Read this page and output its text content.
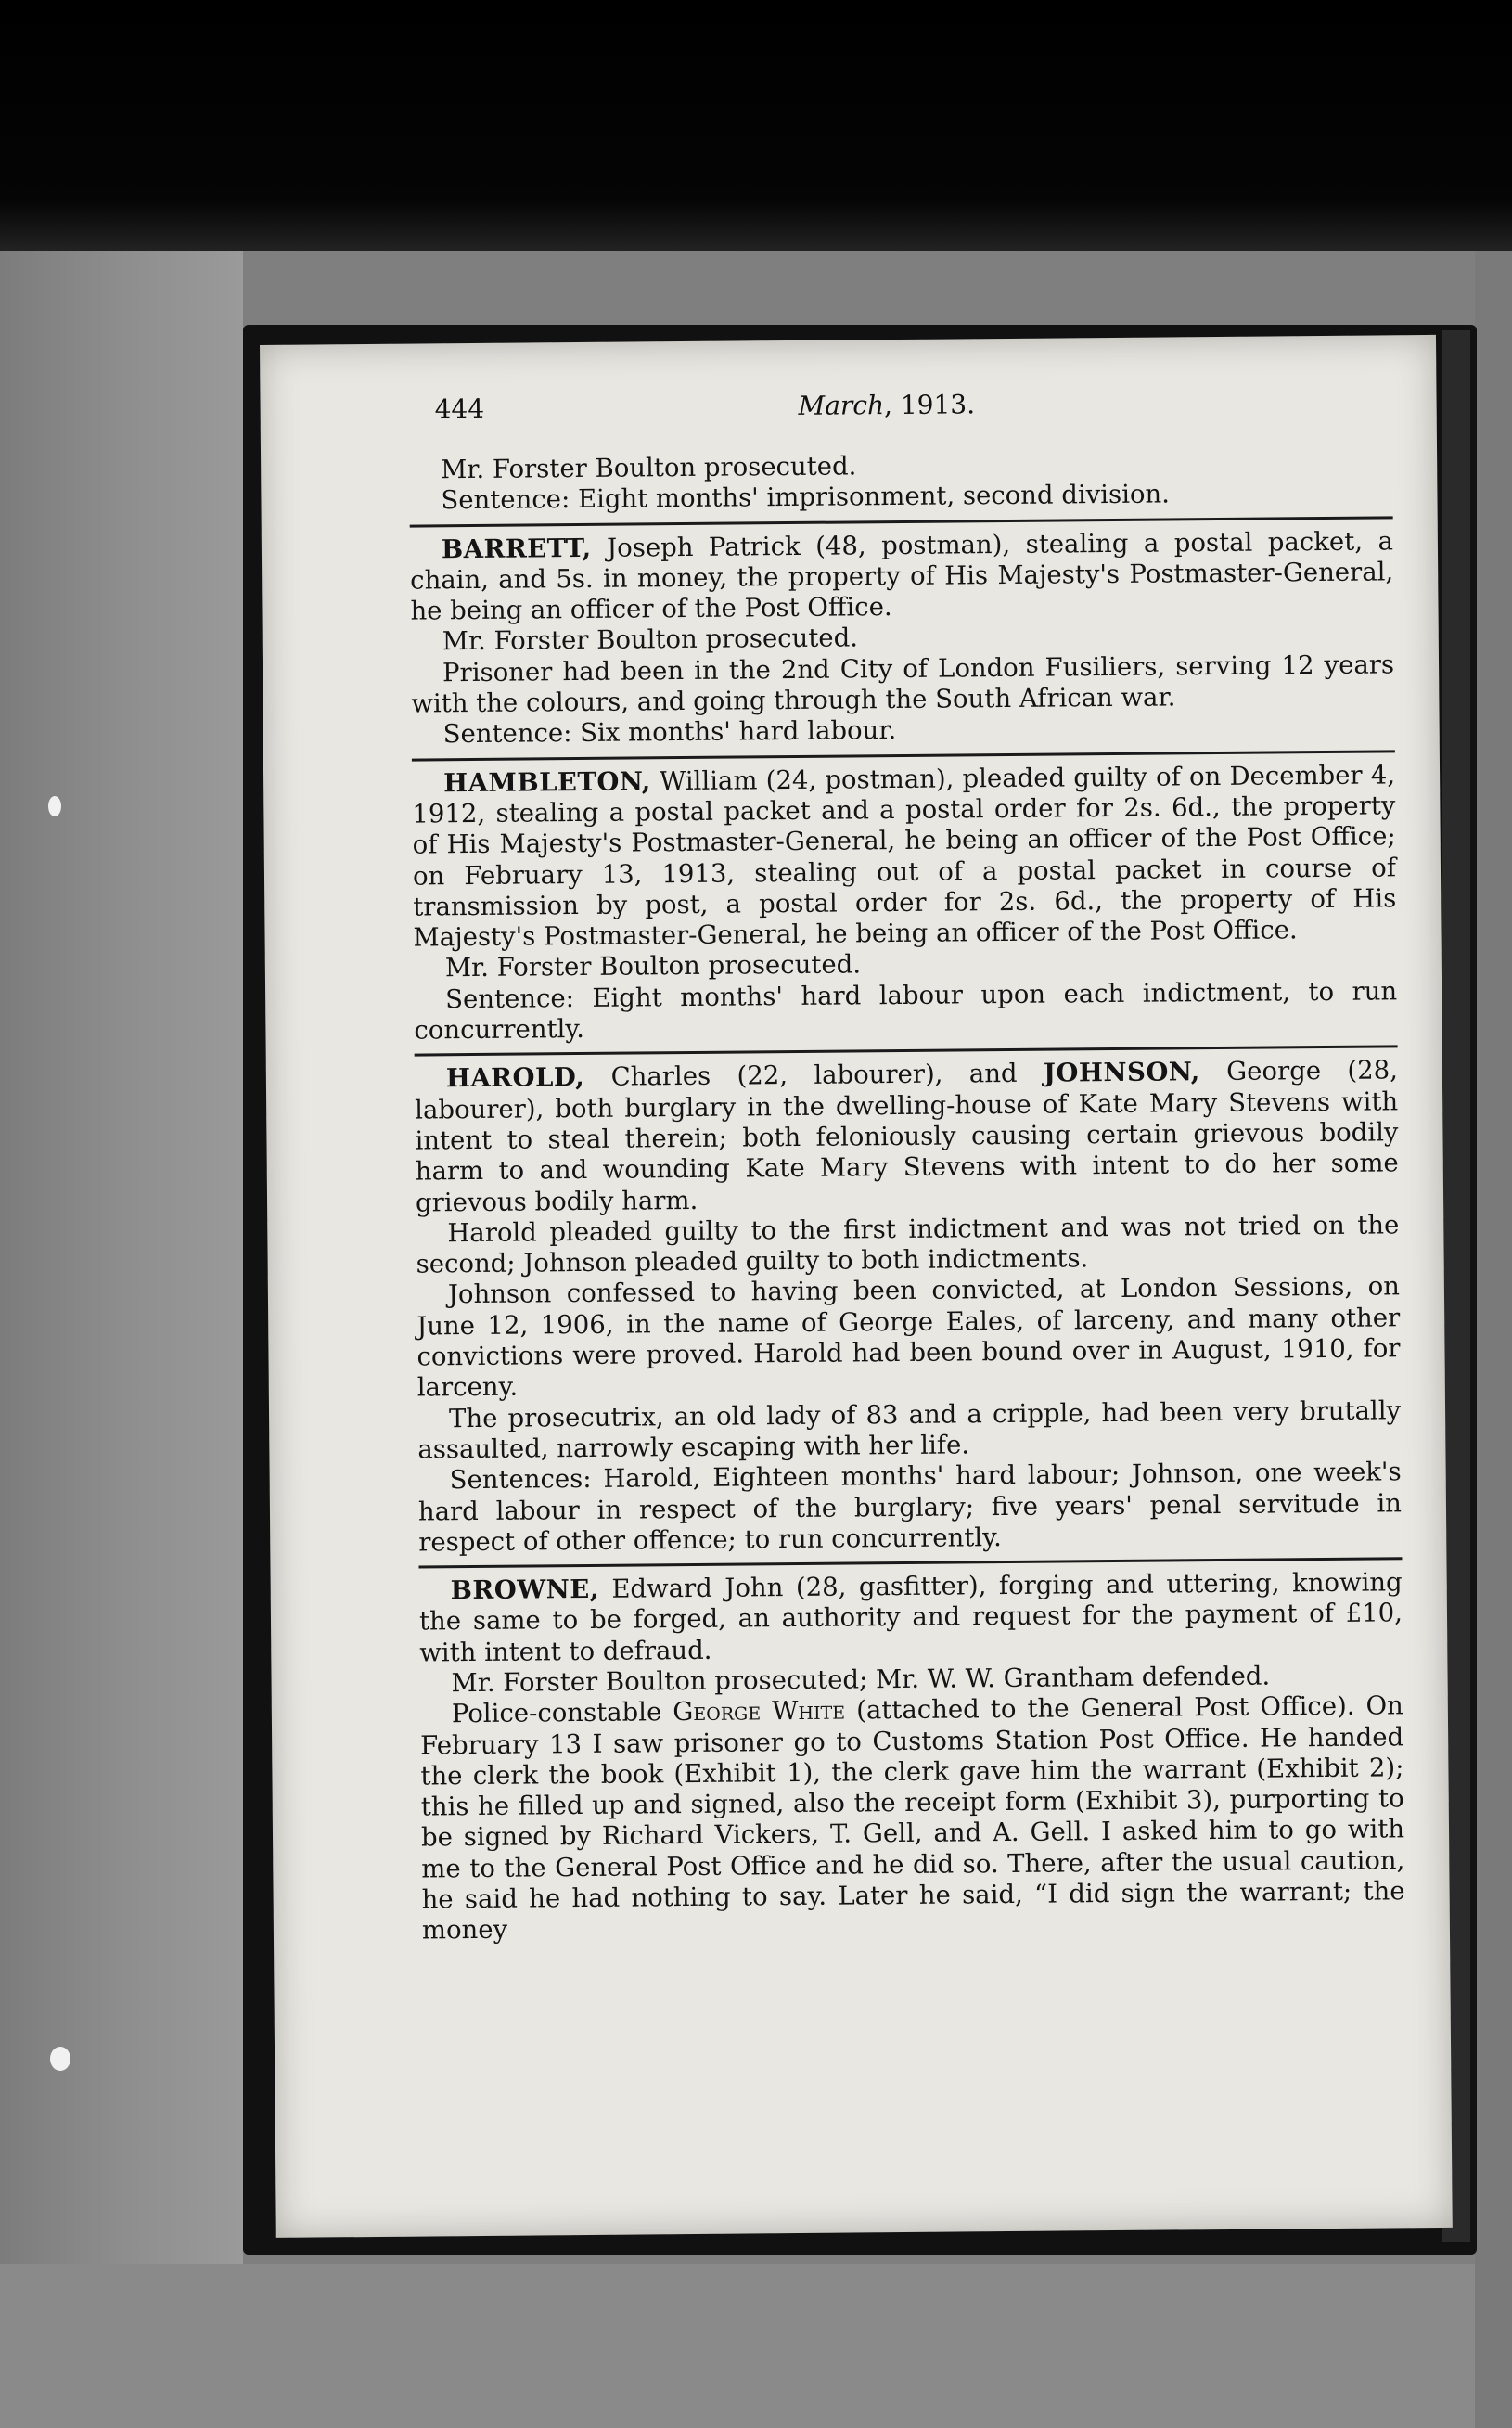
444	March, 1913.

Mr. Forster Boulton prosecuted.

Sentence: Eight months' imprisonment, second division.

BARRETT, Joseph Patrick (48, postman), stealing a postal packet, a chain, and 5s. in money, the property of His Majesty's Postmaster-General, he being an officer of the Post Office.

Mr. Forster Boulton prosecuted.

Prisoner had been in the 2nd City of London Fusiliers, serving 12 years with the colours, and going through the South African war.

Sentence: Six months' hard labour.

HAMBLETON, William (24, postman), pleaded guilty of on December 4, 1912, stealing a postal packet and a postal order for 2s. 6d., the property of His Majesty's Postmaster-General, he being an officer of the Post Office; on February 13, 1913, stealing out of a postal packet in course of transmission by post, a postal order for 2s. 6d., the property of His Majesty's Postmaster-General, he being an officer of the Post Office.

Mr. Forster Boulton prosecuted.

Sentence: Eight months' hard labour upon each indictment, to run concurrently.

HAROLD, Charles (22, labourer), and JOHNSON, George (28, labourer), both burglary in the dwelling-house of Kate Mary Stevens with intent to steal therein; both feloniously causing certain grievous bodily harm to and wounding Kate Mary Stevens with intent to do her some grievous bodily harm.

Harold pleaded guilty to the first indictment and was not tried on the second; Johnson pleaded guilty to both indictments.

Johnson confessed to having been convicted, at London Sessions, on June 12, 1906, in the name of George Eales, of larceny, and many other convictions were proved. Harold had been bound over in August, 1910, for larceny.

The prosecutrix, an old lady of 83 and a cripple, had been very brutally assaulted, narrowly escaping with her life.

Sentences: Harold, Eighteen months' hard labour; Johnson, one week's hard labour in respect of the burglary; five years' penal servitude in respect of other offence; to run concurrently.

BROWNE, Edward John (28, gasfitter), forging and uttering, knowing the same to be forged, an authority and request for the payment of £10, with intent to defraud.

Mr. Forster Boulton prosecuted; Mr. W. W. Grantham defended.

Police-constable George White (attached to the General Post Office). On February 13 I saw prisoner go to Customs Station Post Office. He handed the clerk the book (Exhibit 1), the clerk gave him the warrant (Exhibit 2); this he filled up and signed, also the receipt form (Exhibit 3), purporting to be signed by Richard Vickers, T. Gell, and A. Gell. I asked him to go with me to the General Post Office and he did so. There, after the usual caution, he said he had nothing to say. Later he said, “I did sign the warrant; the money
